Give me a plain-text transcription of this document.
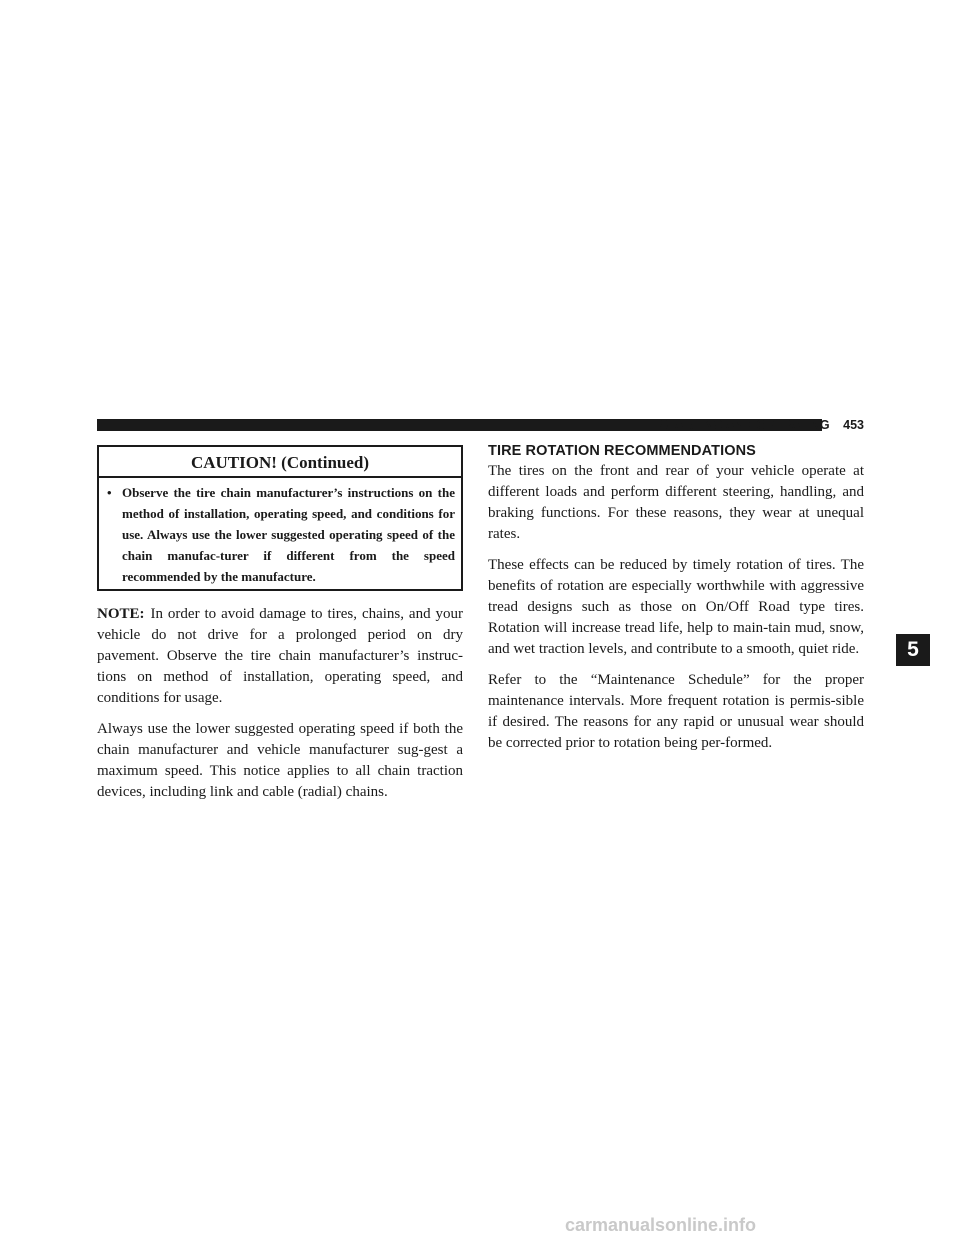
STARTING AND OPERATING 453
CAUTION! (Continued)
• Observe the tire chain manufacturer’s instructions on the method of installation, operating speed, and conditions for use. Always use the lower suggested operating speed of the chain manufac-turer if different from the speed recommended by the manufacture.

NOTE: In order to avoid damage to tires, chains, and your vehicle do not drive for a prolonged period on dry pavement. Observe the tire chain manufacturer’s instruc-tions on method of installation, operating speed, and conditions for usage.

Always use the lower suggested operating speed if both the chain manufacturer and vehicle manufacturer sug-gest a maximum speed. This notice applies to all chain traction devices, including link and cable (radial) chains.

TIRE ROTATION RECOMMENDATIONS

The tires on the front and rear of your vehicle operate at different loads and perform different steering, handling, and braking functions. For these reasons, they wear at unequal rates.

These effects can be reduced by timely rotation of tires. The benefits of rotation are especially worthwhile with aggressive tread designs such as those on On/Off Road type tires. Rotation will increase tread life, help to main-tain mud, snow, and wet traction levels, and contribute to a smooth, quiet ride.

Refer to the “Maintenance Schedule” for the proper maintenance intervals. More frequent rotation is permis-sible if desired. The reasons for any rapid or unusual wear should be corrected prior to rotation being per-formed.

5
carmanualsonline.info
